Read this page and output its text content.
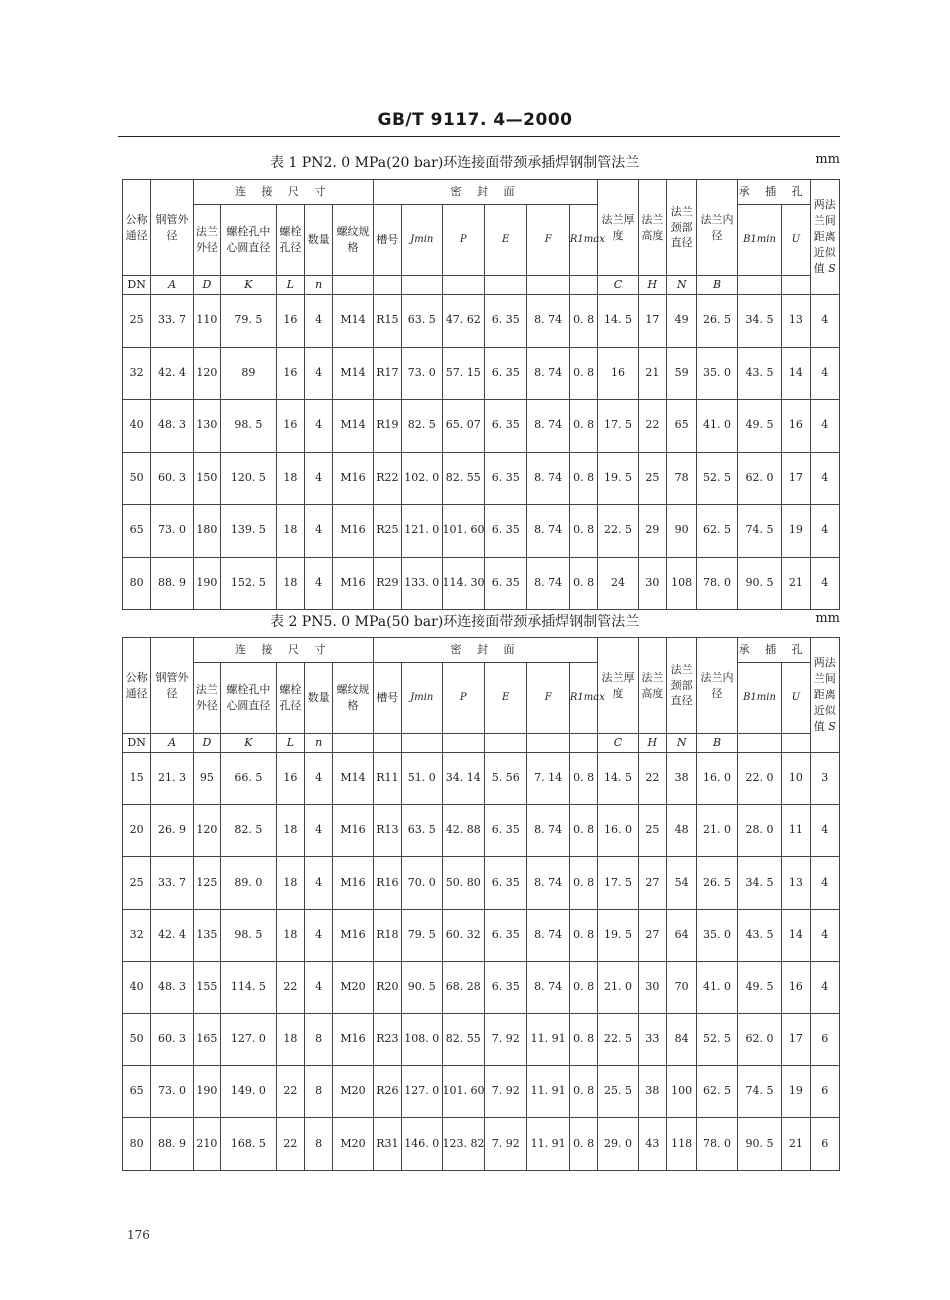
GB/T 9117. 4—2000
表 1 PN2. 0 MPa(20 bar)环连接面带颈承插焊钢制管法兰	mm
公称通径	钢管外径	连 接 尺 寸					密 封 面						法兰厚度	法兰高度	法兰颈部直径	法兰内径	承 插 孔		两法兰间距离近似值 S
		法兰外径	螺栓孔中心圆直径	螺栓孔径	数量	螺纹规格	槽号	Jmin	P	E	F	R1max					B1min	U	
DN	A	D	K	L	n								C	H	N	B			
25	33. 7	110	79. 5	16	4	M14	R15	63. 5	47. 62	6. 35	8. 74	0. 8	14. 5	17	49	26. 5	34. 5	13	4
32	42. 4	120	89	16	4	M14	R17	73. 0	57. 15	6. 35	8. 74	0. 8	16	21	59	35. 0	43. 5	14	4
40	48. 3	130	98. 5	16	4	M14	R19	82. 5	65. 07	6. 35	8. 74	0. 8	17. 5	22	65	41. 0	49. 5	16	4
50	60. 3	150	120. 5	18	4	M16	R22	102. 0	82. 55	6. 35	8. 74	0. 8	19. 5	25	78	52. 5	62. 0	17	4
65	73. 0	180	139. 5	18	4	M16	R25	121. 0	101. 60	6. 35	8. 74	0. 8	22. 5	29	90	62. 5	74. 5	19	4
80	88. 9	190	152. 5	18	4	M16	R29	133. 0	114. 30	6. 35	8. 74	0. 8	24	30	108	78. 0	90. 5	21	4
表 2 PN5. 0 MPa(50 bar)环连接面带颈承插焊钢制管法兰	mm
公称通径	钢管外径	连 接 尺 寸					密 封 面						法兰厚度	法兰高度	法兰颈部直径	法兰内径	承 插 孔		两法兰间距离近似值 S
		法兰外径	螺栓孔中心圆直径	螺栓孔径	数量	螺纹规格	槽号	Jmin	P	E	F	R1max					B1min	U	
DN	A	D	K	L	n								C	H	N	B			
15	21. 3	95	66. 5	16	4	M14	R11	51. 0	34. 14	5. 56	7. 14	0. 8	14. 5	22	38	16. 0	22. 0	10	3
20	26. 9	120	82. 5	18	4	M16	R13	63. 5	42. 88	6. 35	8. 74	0. 8	16. 0	25	48	21. 0	28. 0	11	4
25	33. 7	125	89. 0	18	4	M16	R16	70. 0	50. 80	6. 35	8. 74	0. 8	17. 5	27	54	26. 5	34. 5	13	4
32	42. 4	135	98. 5	18	4	M16	R18	79. 5	60. 32	6. 35	8. 74	0. 8	19. 5	27	64	35. 0	43. 5	14	4
40	48. 3	155	114. 5	22	4	M20	R20	90. 5	68. 28	6. 35	8. 74	0. 8	21. 0	30	70	41. 0	49. 5	16	4
50	60. 3	165	127. 0	18	8	M16	R23	108. 0	82. 55	7. 92	11. 91	0. 8	22. 5	33	84	52. 5	62. 0	17	6
65	73. 0	190	149. 0	22	8	M20	R26	127. 0	101. 60	7. 92	11. 91	0. 8	25. 5	38	100	62. 5	74. 5	19	6
80	88. 9	210	168. 5	22	8	M20	R31	146. 0	123. 82	7. 92	11. 91	0. 8	29. 0	43	118	78. 0	90. 5	21	6
176
